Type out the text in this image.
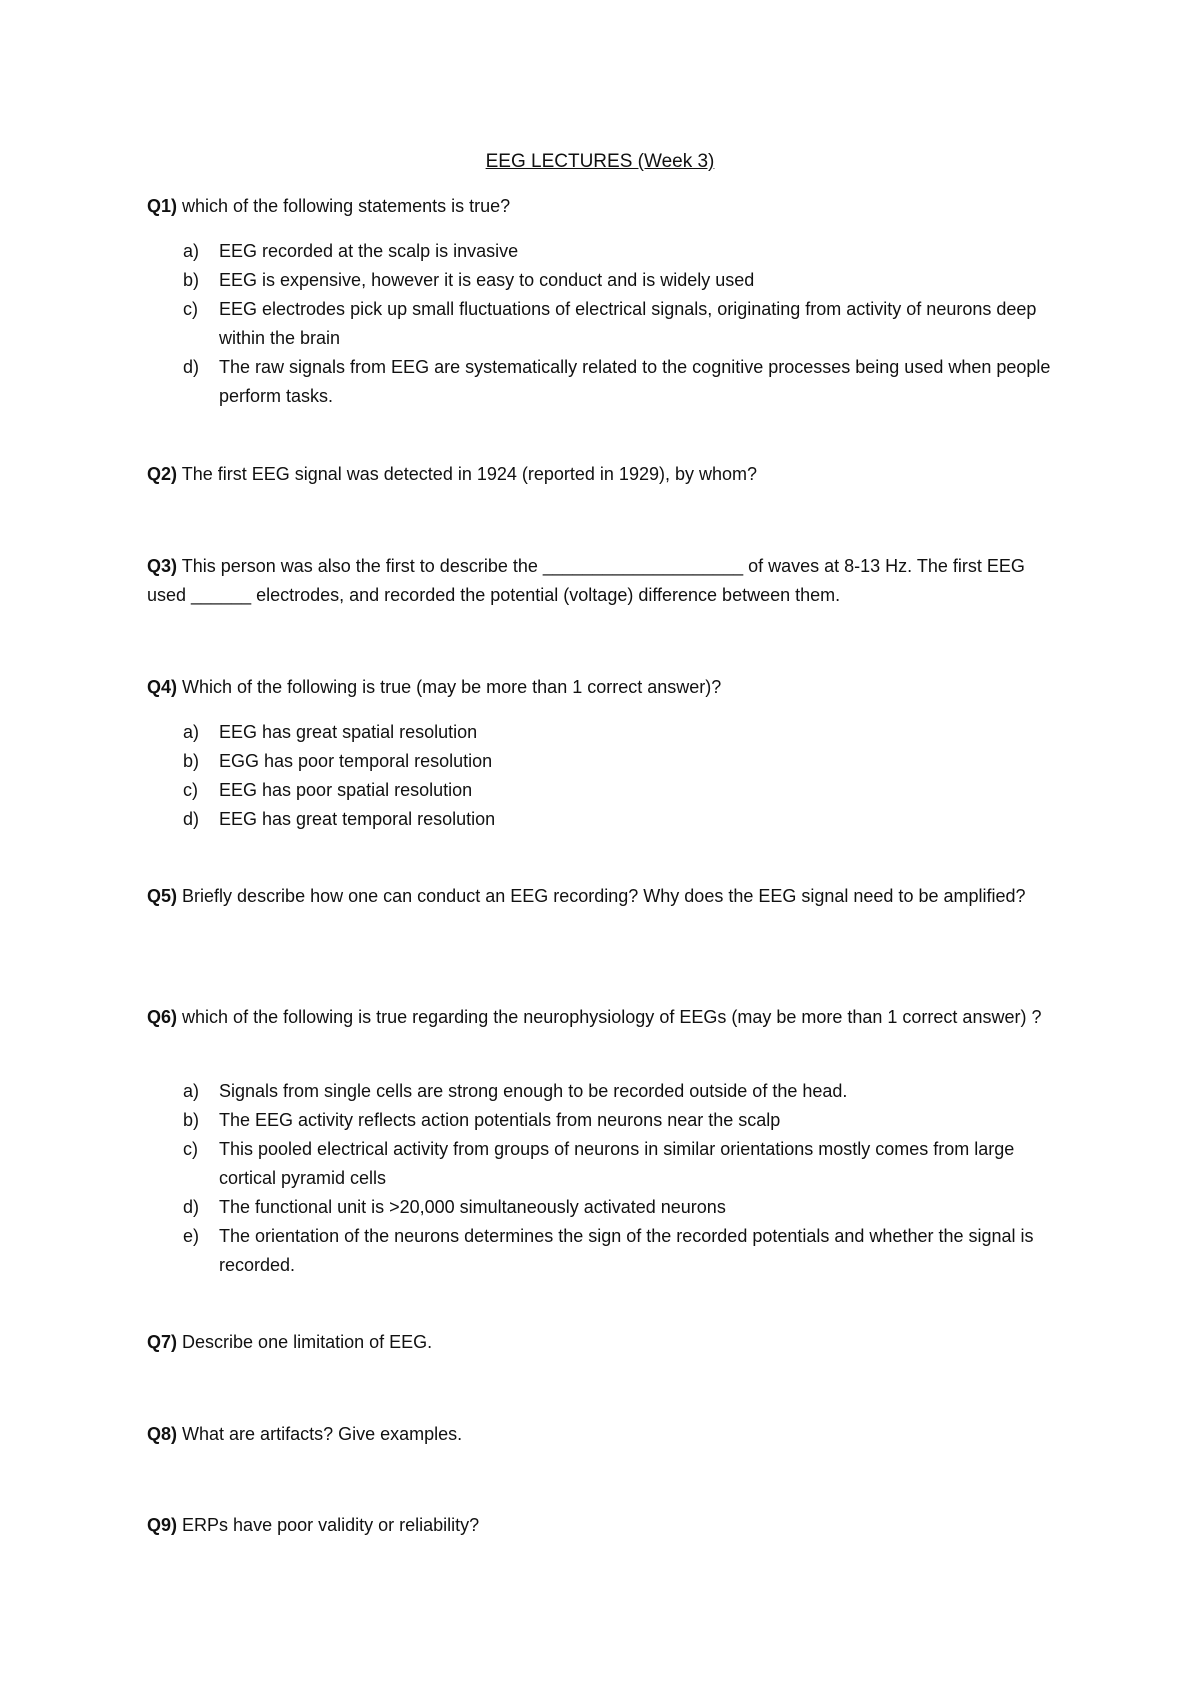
EEG LECTURES (Week 3)
Q1) which of the following statements is true?
a) EEG recorded at the scalp is invasive
b) EEG is expensive, however it is easy to conduct and is widely used
c) EEG electrodes pick up small fluctuations of electrical signals, originating from activity of neurons deep within the brain
d) The raw signals from EEG are systematically related to the cognitive processes being used when people perform tasks.
Q2) The first EEG signal was detected in 1924 (reported in 1929), by whom?
Q3) This person was also the first to describe the ____________________ of waves at 8-13 Hz. The first EEG used ______ electrodes, and recorded the potential (voltage) difference between them.
Q4) Which of the following is true (may be more than 1 correct answer)?
a) EEG has great spatial resolution
b) EGG has poor temporal resolution
c) EEG has poor spatial resolution
d) EEG has great temporal resolution
Q5) Briefly describe how one can conduct an EEG recording? Why does the EEG signal need to be amplified?
Q6) which of the following is true regarding the neurophysiology of EEGs (may be more than 1 correct answer) ?
a) Signals from single cells are strong enough to be recorded outside of the head.
b) The EEG activity reflects action potentials from neurons near the scalp
c) This pooled electrical activity from groups of neurons in similar orientations mostly comes from large cortical pyramid cells
d) The functional unit is >20,000 simultaneously activated neurons
e) The orientation of the neurons determines the sign of the recorded potentials and whether the signal is recorded.
Q7) Describe one limitation of EEG.
Q8) What are artifacts? Give examples.
Q9) ERPs have poor validity or reliability?
